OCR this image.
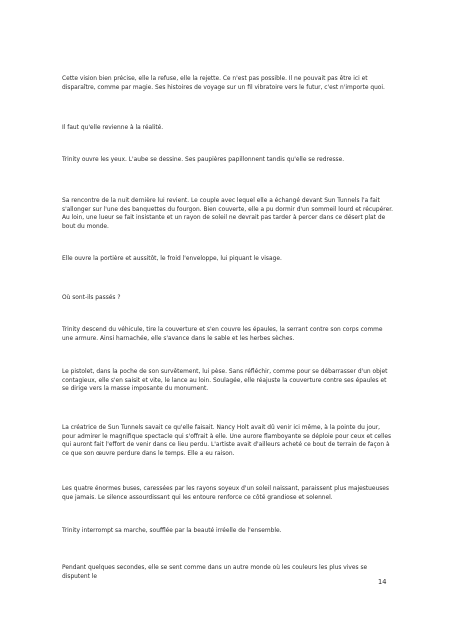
Cette vision bien précise, elle la refuse, elle la rejette. Ce n'est pas possible. Il ne pouvait pas être ici et disparaître, comme par magie. Ses histoires de voyage sur un fil vibratoire vers le futur, c'est n'importe quoi.

Il faut qu'elle revienne à la réalité.

Trinity ouvre les yeux. L'aube se dessine. Ses paupières papillonnent tandis qu'elle se redresse.

Sa rencontre de la nuit dernière lui revient. Le couple avec lequel elle a échangé devant Sun Tunnels l'a fait s'allonger sur l'une des banquettes du fourgon. Bien couverte, elle a pu dormir d'un sommeil lourd et récupérer. Au loin, une lueur se fait insistante et un rayon de soleil ne devrait pas tarder à percer dans ce désert plat de bout du monde.

Elle ouvre la portière et aussitôt, le froid l'enveloppe, lui piquant le visage.

Où sont-ils passés ?

Trinity descend du véhicule, tire la couverture et s'en couvre les épaules, la serrant contre son corps comme une armure. Ainsi harnachée, elle s'avance dans le sable et les herbes sèches.

Le pistolet, dans la poche de son survêtement, lui pèse. Sans réfléchir, comme pour se débarrasser d'un objet contagieux, elle s'en saisit et vite, le lance au loin. Soulagée, elle réajuste la couverture contre ses épaules et se dirige vers la masse imposante du monument.

La créatrice de Sun Tunnels savait ce qu'elle faisait. Nancy Holt avait dû venir ici même, à la pointe du jour, pour admirer le magnifique spectacle qui s'offrait à elle. Une aurore flamboyante se déploie pour ceux et celles qui auront fait l'effort de venir dans ce lieu perdu. L'artiste avait d'ailleurs acheté ce bout de terrain de façon à ce que son œuvre perdure dans le temps. Elle a eu raison.

Les quatre énormes buses, caressées par les rayons soyeux d'un soleil naissant, paraissent plus majestueuses que jamais. Le silence assourdissant qui les entoure renforce ce côté grandiose et solennel.

Trinity interrompt sa marche, soufflée par la beauté irréelle de l'ensemble.

Pendant quelques secondes, elle se sent comme dans un autre monde où les couleurs les plus vives se disputent le

14
